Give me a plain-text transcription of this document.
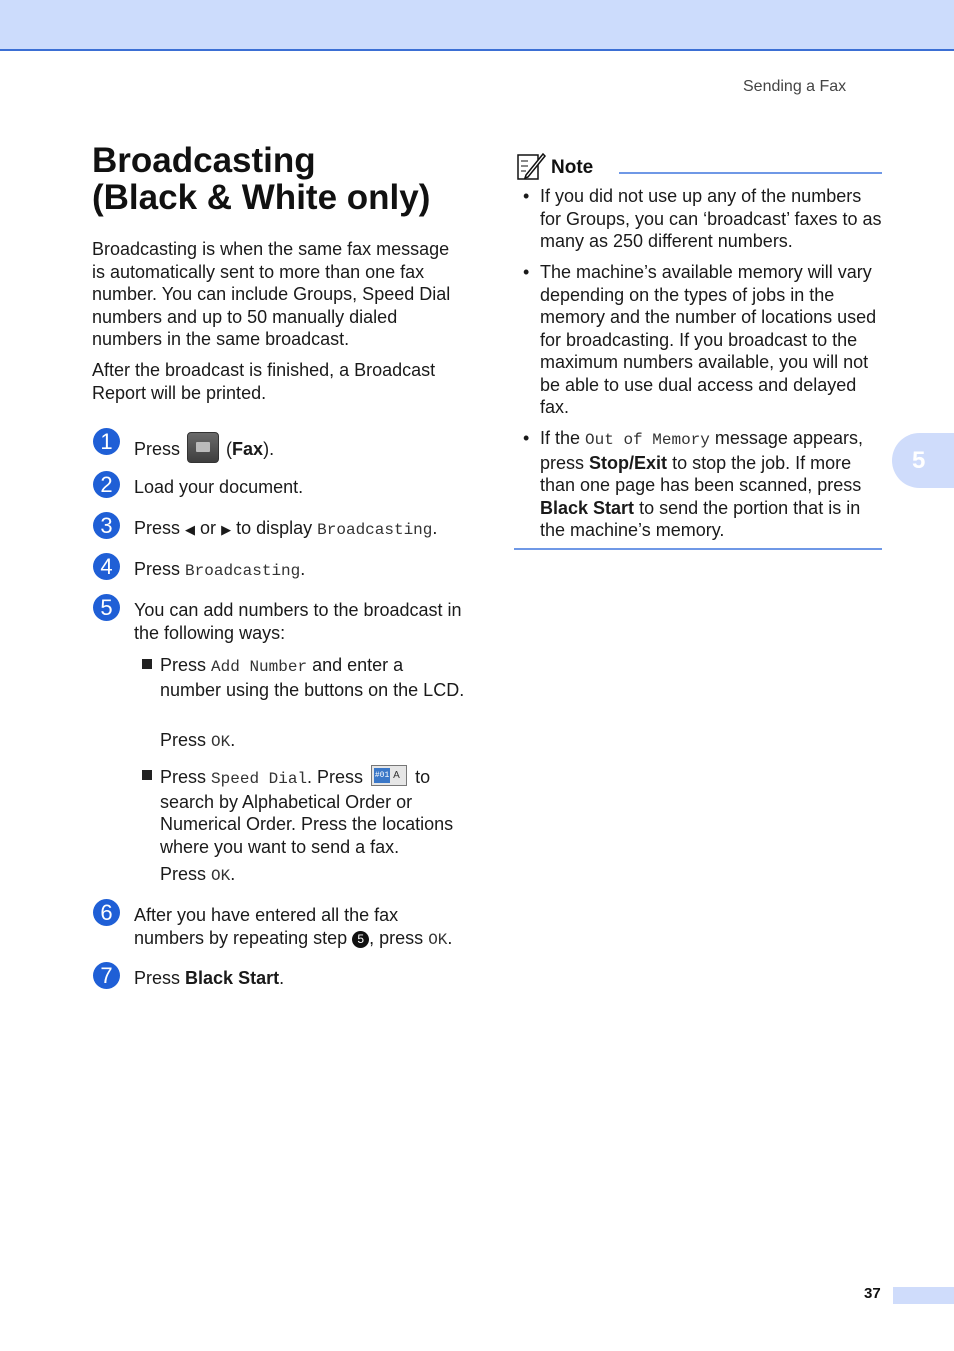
Sending a Fax
Broadcasting
(Black & White only)

Broadcasting is when the same fax message is automatically sent to more than one fax number. You can include Groups, Speed Dial numbers and up to 50 manually dialed numbers in the same broadcast.

After the broadcast is finished, a Broadcast Report will be printed.

1	Press	(Fax).

2	Load your document.

3	Press ◀ or ▶ to display Broadcasting.

4	Press Broadcasting.

5	You can add numbers to the broadcast in the following ways:

Press Add Number and enter a number using the buttons on the LCD.

Press OK.

Press Speed Dial. Press #01 A to search by Alphabetical Order or Numerical Order. Press the locations where you want to send a fax.

Press OK.

6	After you have entered all the fax numbers by repeating step 5 , press OK.

7	Press Black Start.

Note
• If you did not use up any of the numbers for Groups, you can ‘broadcast’ faxes to as many as 250 different numbers.

• The machine’s available memory will vary depending on the types of jobs in the memory and the number of locations used for broadcasting. If you broadcast to the maximum numbers available, you will not be able to use dual access and delayed fax.

• If the Out of Memory message appears, press Stop/Exit to stop the job. If more than one page has been scanned, press Black Start to send the portion that is in the machine’s memory.

5
37
